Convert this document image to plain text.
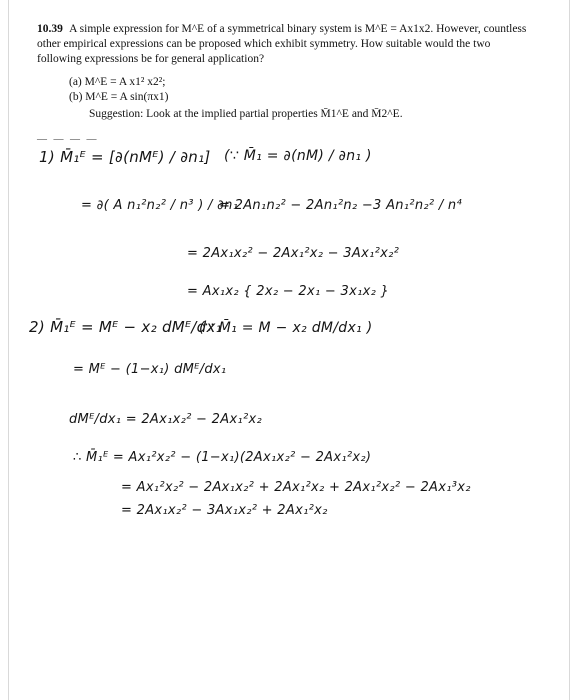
10.39 A simple expression for M^E of a symmetrical binary system is M^E = Ax1x2. However, countless other empirical expressions can be proposed which exhibit symmetry. How suitable would the two following expressions be for general application?
(a) M^E = A x1² x2²;
(b) M^E = A sin(πx1)
Suggestion: Look at the implied partial properties M̄1^E and M̄2^E.
— — — —
1) M̄₁ᴱ = [∂(nMᴱ) / ∂n₁] (∵ M̄₁ = ∂(nM) / ∂n₁ )
= ∂( A n₁²n₂² / n³ ) / ∂n₁
= 2An₁n₂² − 2An₁²n₂ −3 An₁²n₂² / n⁴
= 2Ax₁x₂² − 2Ax₁²x₂ − 3Ax₁²x₂²
= Ax₁x₂ { 2x₂ − 2x₁ − 3x₁x₂ }
2) M̄₁ᴱ = Mᴱ − x₂ dMᴱ/dx₁
(∵ M̄₁ = M − x₂ dM/dx₁ )
= Mᴱ − (1−x₁) dMᴱ/dx₁
dMᴱ/dx₁ = 2Ax₁x₂² − 2Ax₁²x₂
∴ M̄₁ᴱ = Ax₁²x₂² − (1−x₁)(2Ax₁x₂² − 2Ax₁²x₂)
= Ax₁²x₂² − 2Ax₁x₂² + 2Ax₁²x₂ + 2Ax₁²x₂² − 2Ax₁³x₂
= 2Ax₁x₂² − 3Ax₁x₂² + 2Ax₁²x₂
